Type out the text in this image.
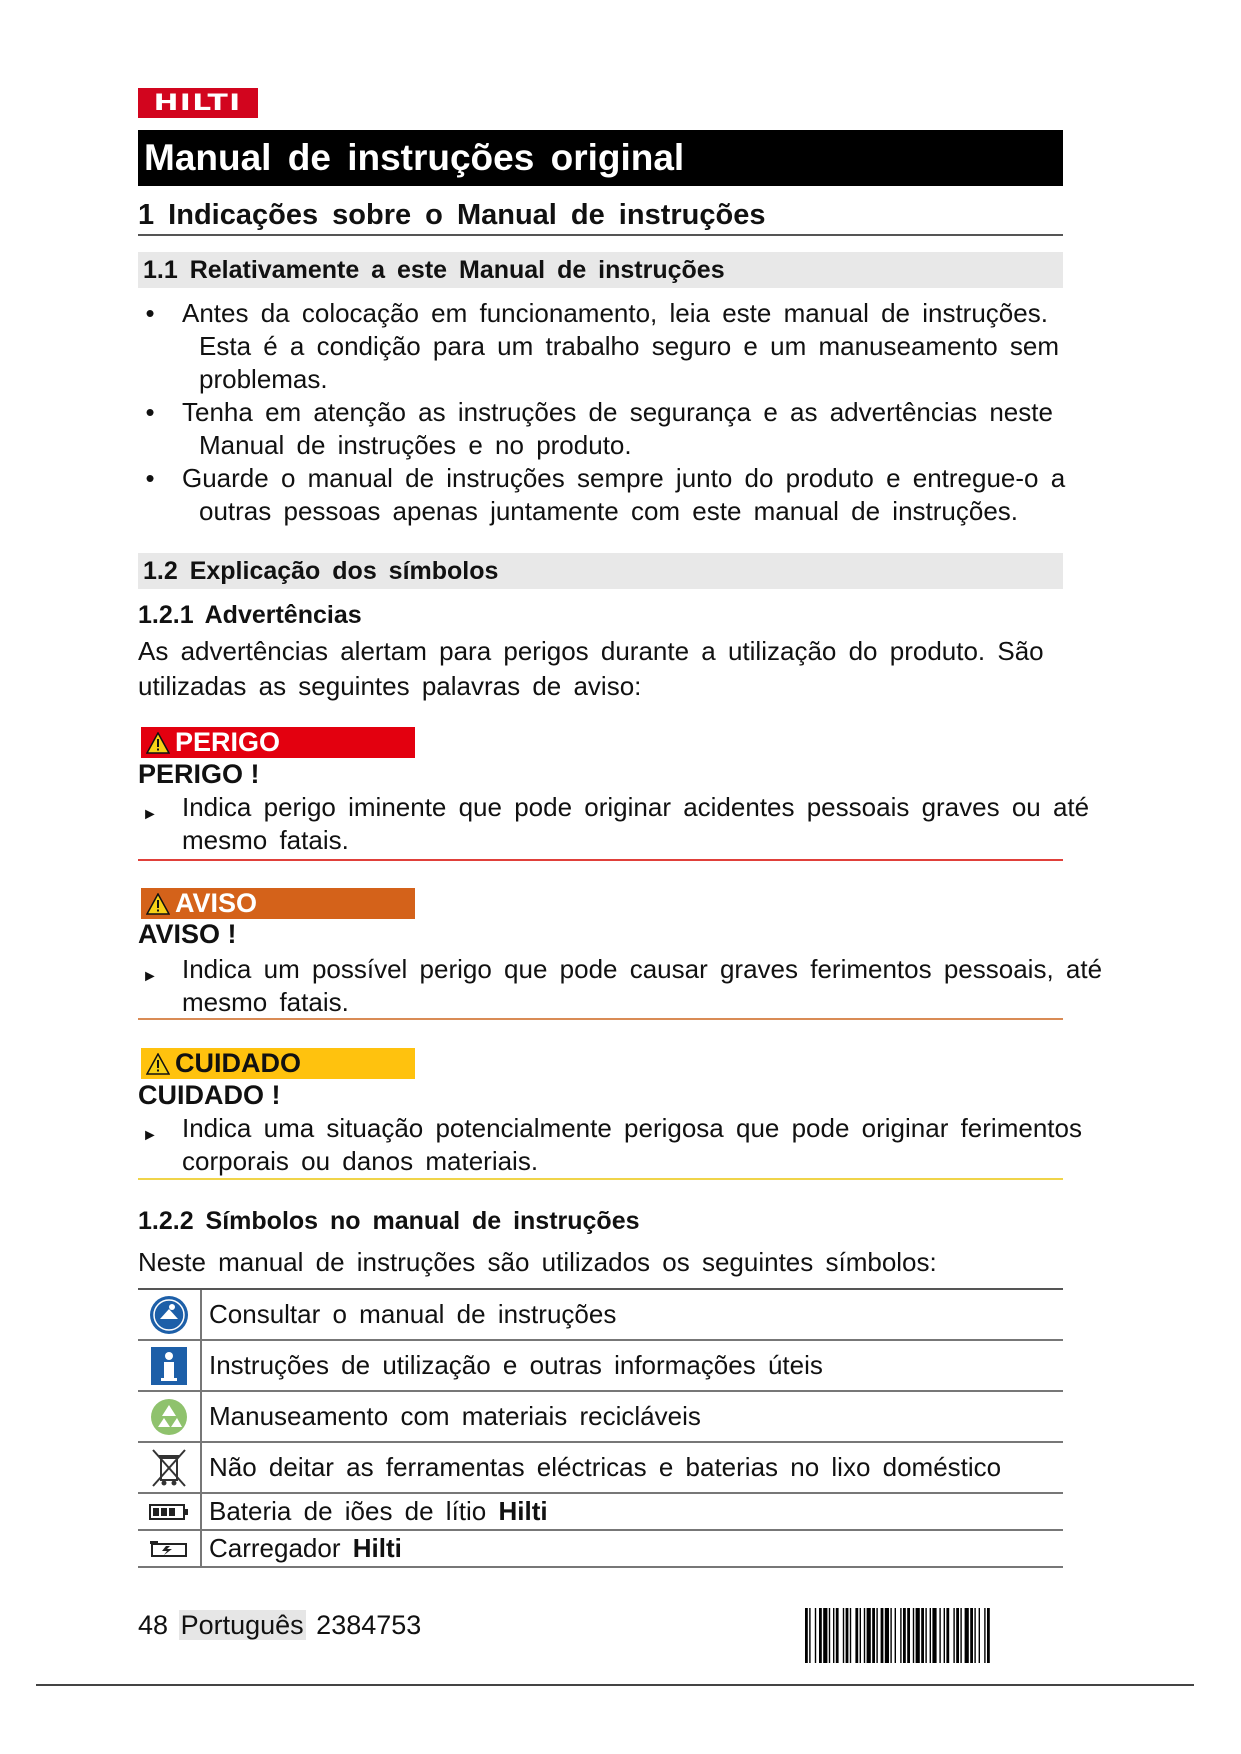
HILTI
Manual de instruções original
1 Indicações sobre o Manual de instruções
1.1 Relativamente a este Manual de instruções
• Antes da colocação em funcionamento, leia este manual de instruções. Esta é a condição para um trabalho seguro e um manuseamento sem problemas.
• Tenha em atenção as instruções de segurança e as advertências neste Manual de instruções e no produto.
• Guarde o manual de instruções sempre junto do produto e entregue-o a outras pessoas apenas juntamente com este manual de instruções.
1.2 Explicação dos símbolos
1.2.1 Advertências
As advertências alertam para perigos durante a utilização do produto. São utilizadas as seguintes palavras de aviso:
PERIGO
PERIGO !
► Indica perigo iminente que pode originar acidentes pessoais graves ou até mesmo fatais.
AVISO
AVISO !
► Indica um possível perigo que pode causar graves ferimentos pessoais, até mesmo fatais.
CUIDADO
CUIDADO !
► Indica uma situação potencialmente perigosa que pode originar ferimentos corporais ou danos materiais.
1.2.2 Símbolos no manual de instruções
Neste manual de instruções são utilizados os seguintes símbolos:
Consultar o manual de instruções
Instruções de utilização e outras informações úteis
Manuseamento com materiais recicláveis
Não deitar as ferramentas eléctricas e baterias no lixo doméstico
Bateria de iões de lítio
Hilti
Carregador
Hilti
48 Português 2384753
